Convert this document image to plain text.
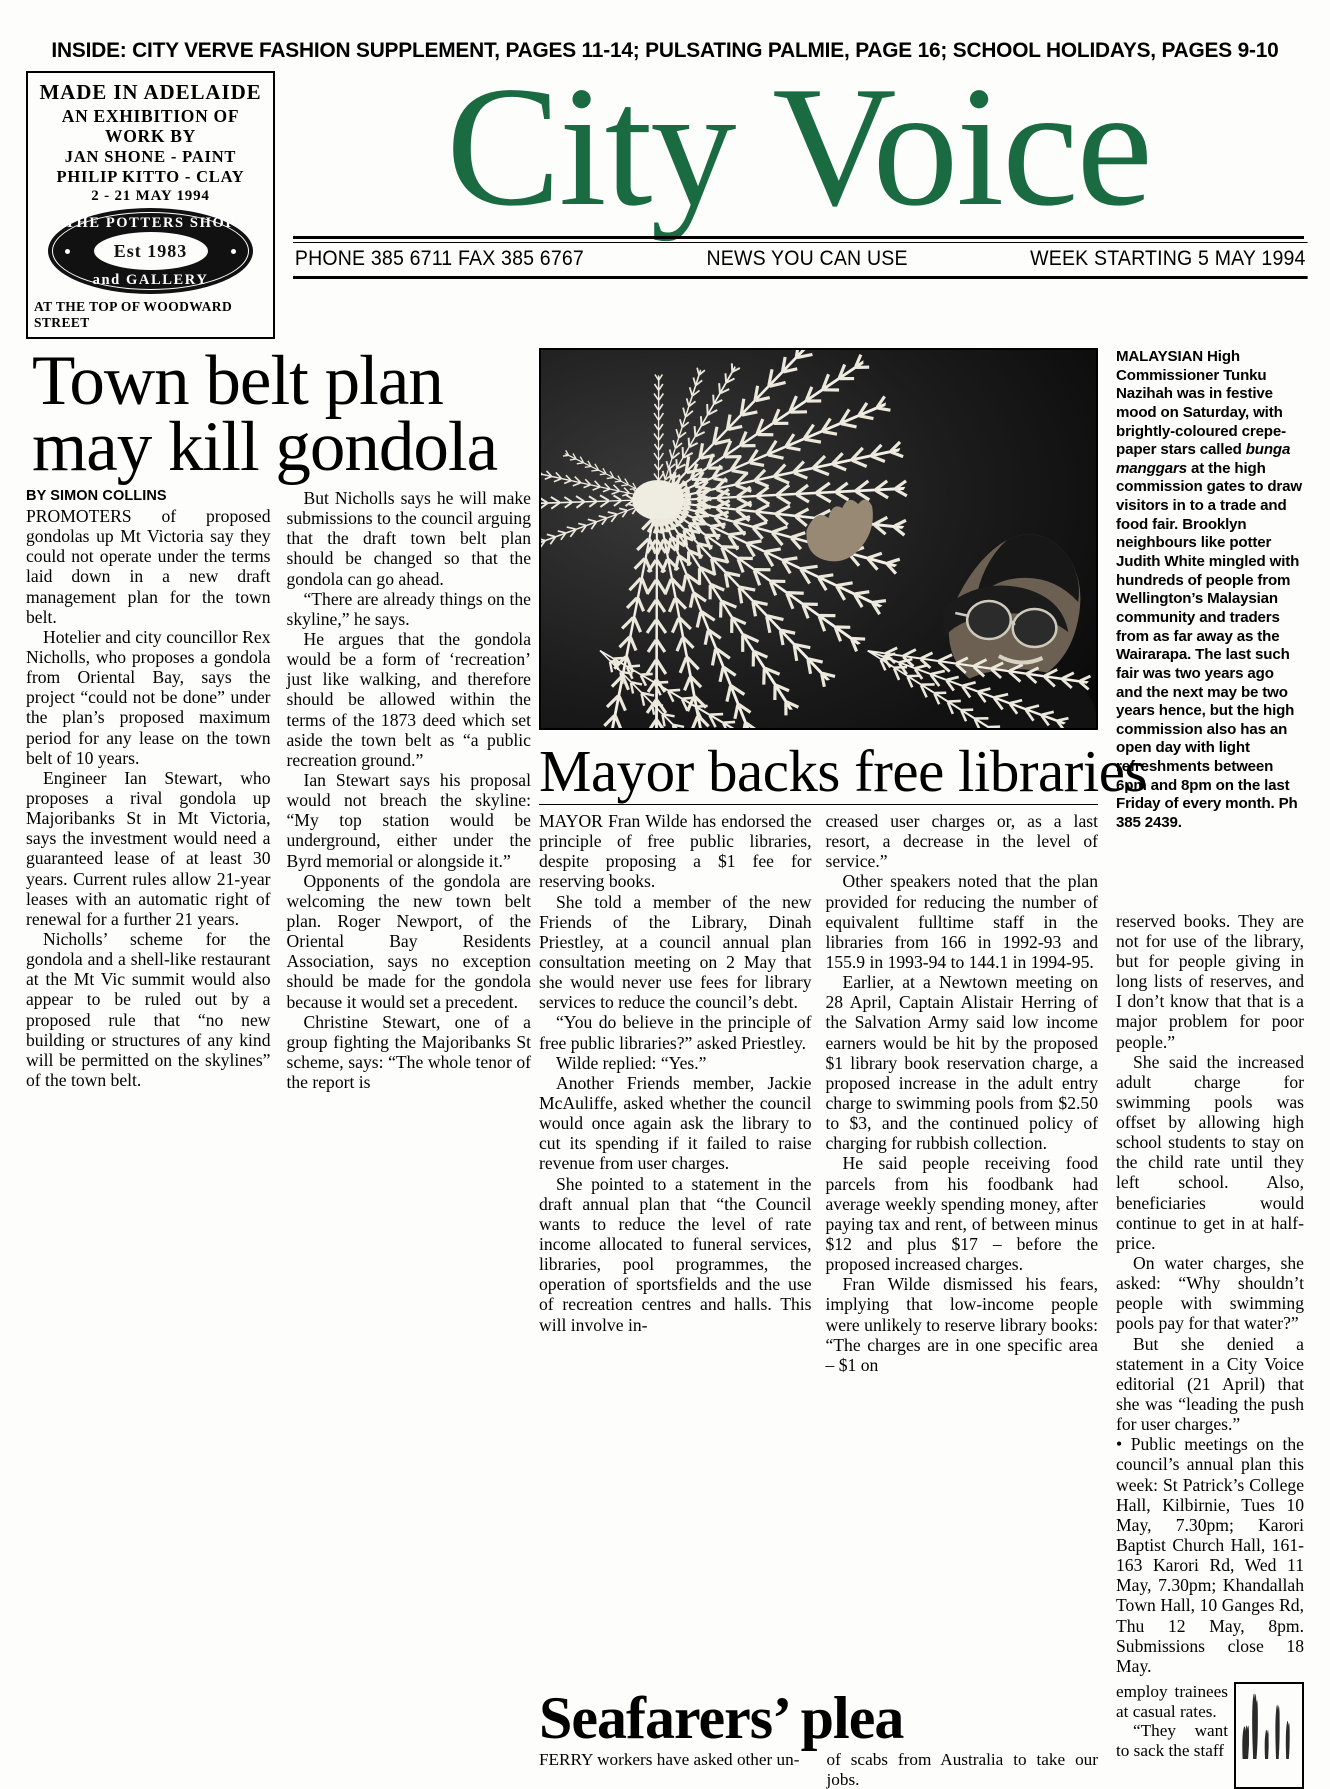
INSIDE: CITY VERVE FASHION SUPPLEMENT, PAGES 11-14; PULSATING PALMIE, PAGE 16; SCHOOL HOLIDAYS, PAGES 9-10
MADE IN ADELAIDE
AN EXHIBITION OF
WORK BY
JAN SHONE - PAINT
PHILIP KITTO - CLAY
2 - 21 MAY 1994
THE POTTERS SHOP
Est 1983
and GALLERY
AT THE TOP OF WOODWARD STREET
City Voice
PHONE 385 6711 FAX 385 6767	NEWS YOU CAN USE	WEEK STARTING 5 MAY 1994
Town belt plan
may kill gondola
BY SIMON COLLINS

PROMOTERS of proposed gondolas up Mt Victoria say they could not operate under the terms laid down in a new draft management plan for the town belt.

Hotelier and city councillor Rex Nicholls, who proposes a gondola from Oriental Bay, says the project “could not be done” under the plan’s proposed maximum period for any lease on the town belt of 10 years.

Engineer Ian Stewart, who proposes a rival gondola up Majoribanks St in Mt Victoria, says the investment would need a guaranteed lease of at least 30 years. Current rules allow 21-year leases with an automatic right of renewal for a further 21 years.

Nicholls’ scheme for the gondola and a shell-like restaurant at the Mt Vic summit would also appear to be ruled out by a proposed rule that “no new building or structures of any kind will be permitted on the skylines” of the town belt.

But Nicholls says he will make submissions to the council arguing that the draft town belt plan should be changed so that the gondola can go ahead.

“There are already things on the skyline,” he says.

He argues that the gondola would be a form of ‘recreation’ just like walking, and therefore should be allowed within the terms of the 1873 deed which set aside the town belt as “a public recreation ground.”

Ian Stewart says his proposal would not breach the skyline: “My top station would be underground, either under the Byrd memorial or alongside it.”

Opponents of the gondola are welcoming the new town belt plan. Roger Newport, of the Oriental Bay Residents Association, says no exception should be made for the gondola because it would set a precedent.

Christine Stewart, one of a group fighting the Majoribanks St scheme, says: “The whole tenor of the report is

Mayor backs free libraries

MAYOR Fran Wilde has endorsed the principle of free public libraries, despite proposing a $1 fee for reserving books.

She told a member of the new Friends of the Library, Dinah Priestley, at a council annual plan consultation meeting on 2 May that she would never use fees for library services to reduce the council’s debt.

“You do believe in the principle of free public libraries?” asked Priestley.

Wilde replied: “Yes.”

Another Friends member, Jackie McAuliffe, asked whether the council would once again ask the library to cut its spending if it failed to raise revenue from user charges.

She pointed to a statement in the draft annual plan that “the Council wants to reduce the level of rate income allocated to funeral services, libraries, pool programmes, the operation of sportsfields and the use of recreation centres and halls. This will involve in-

creased user charges or, as a last resort, a decrease in the level of service.”

Other speakers noted that the plan provided for reducing the number of equivalent fulltime staff in the libraries from 166 in 1992-93 and 155.9 in 1993-94 to 144.1 in 1994-95.

Earlier, at a Newtown meeting on 28 April, Captain Alistair Herring of the Salvation Army said low income earners would be hit by the proposed $1 library book reservation charge, a proposed increase in the adult entry charge to swimming pools from $2.50 to $3, and the continued policy of charging for rubbish collection.

He said people receiving food parcels from his foodbank had average weekly spending money, after paying tax and rent, of between minus $12 and plus $17 – before the proposed increased charges.

Fran Wilde dismissed his fears, implying that low-income people were unlikely to reserve library books: “The charges are in one specific area – $1 on

MALAYSIAN High Commissioner Tunku Nazihah was in festive mood on Saturday, with brightly-coloured crepe-paper stars called bunga manggars at the high commission gates to draw visitors in to a trade and food fair. Brooklyn neighbours like potter Judith White mingled with hundreds of people from Wellington’s Malaysian community and traders from as far away as the Wairarapa. The last such fair was two years ago and the next may be two years hence, but the high commission also has an open day with light refreshments between 6pm and 8pm on the last Friday of every month. Ph 385 2439.

reserved books. They are not for use of the library, but for people giving in long lists of reserves, and I don’t know that that is a major problem for poor people.”

She said the increased adult charge for swimming pools was offset by allowing high school students to stay on the child rate until they left school. Also, beneficiaries would continue to get in at half-price.

On water charges, she asked: “Why shouldn’t people with swimming pools pay for that water?”

But she denied a statement in a City Voice editorial (21 April) that she was “leading the push for user charges.”

• Public meetings on the council’s annual plan this week: St Patrick’s College Hall, Kilbirnie, Tues 10 May, 7.30pm; Karori Baptist Church Hall, 161-163 Karori Rd, Wed 11 May, 7.30pm; Khandallah Town Hall, 10 Ganges Rd, Thu 12 May, 8pm. Submissions close 18 May.

Seafarers’ plea

FERRY workers have asked other un-	of scabs from Australia to take our jobs.

employ trainees at casual rates.

“They want to sack the staff
